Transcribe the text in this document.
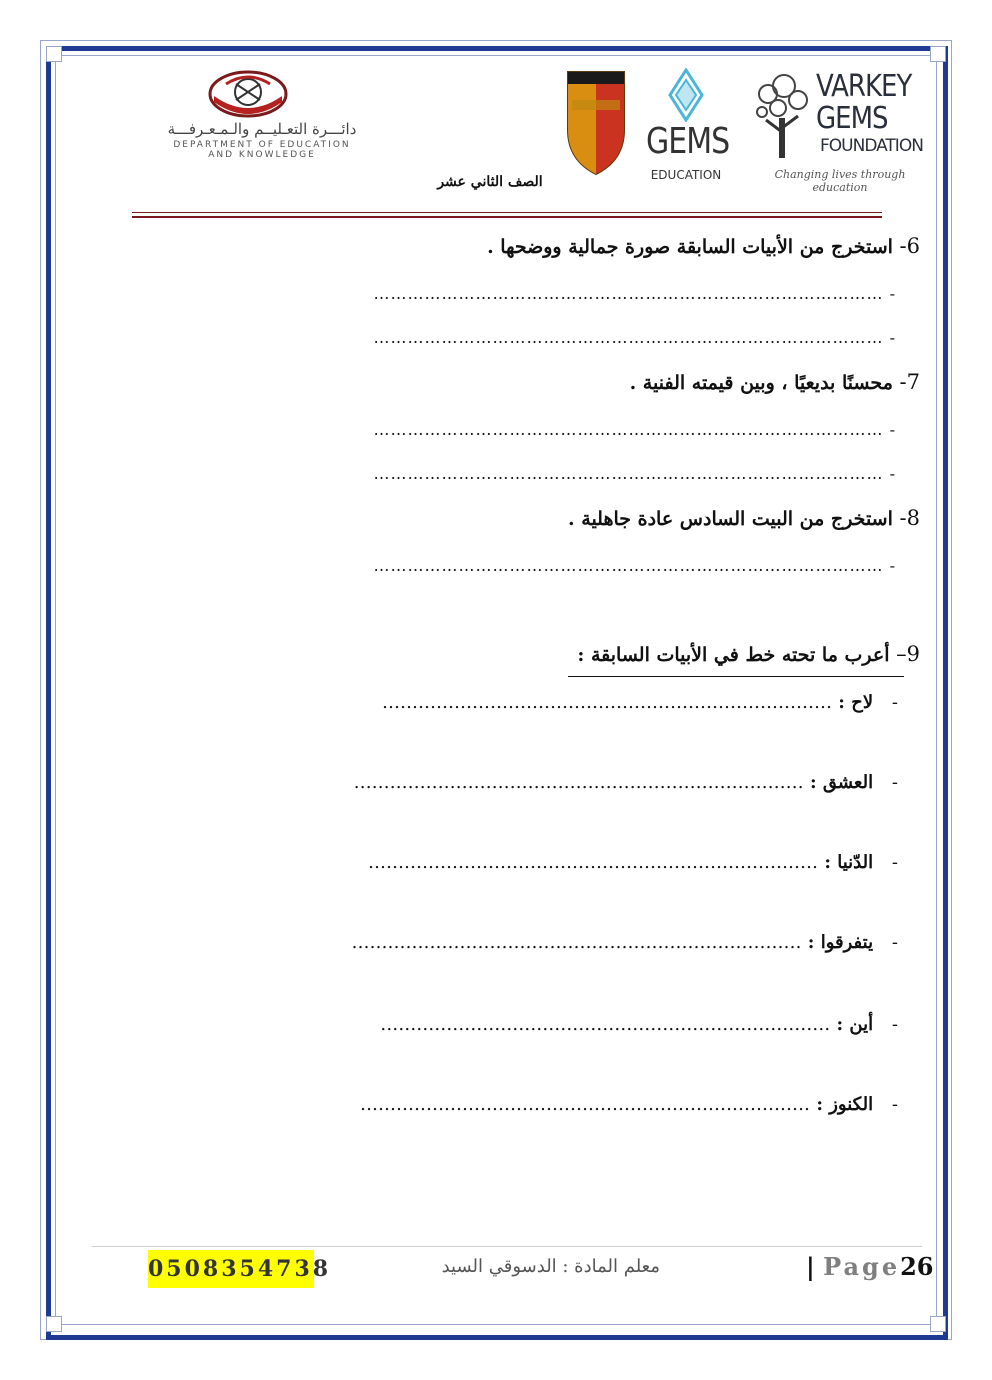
دائـــرة التعـليــم والـمـعـرفـــة
DEPARTMENT OF EDUCATION
AND KNOWLEDGE
الصف الثاني عشر
GEMS
EDUCATION
VARKEY
GEMS
FOUNDATION
Changing lives through education
6- استخرج من الأبيات السابقة صورة جمالية ووضحها .
- ………………………………………………………………………………
- ………………………………………………………………………………
7- محسنًا بديعيًا ، وبين قيمته الفنية .
- ………………………………………………………………………………
- ………………………………………………………………………………
8- استخرج من البيت السادس عادة جاهلية .
- ………………………………………………………………………………
9– أعرب ما تحته خط في الأبيات السابقة :
-   لاح : …………………………………………………………………
-   العشق : …………………………………………………………………
-   الدّنيا : …………………………………………………………………
-   يتفرقوا : …………………………………………………………………
-   أين : …………………………………………………………………
-   الكنوز : …………………………………………………………………
| Page26
معلم المادة : الدسوقي السيد
0508354738
